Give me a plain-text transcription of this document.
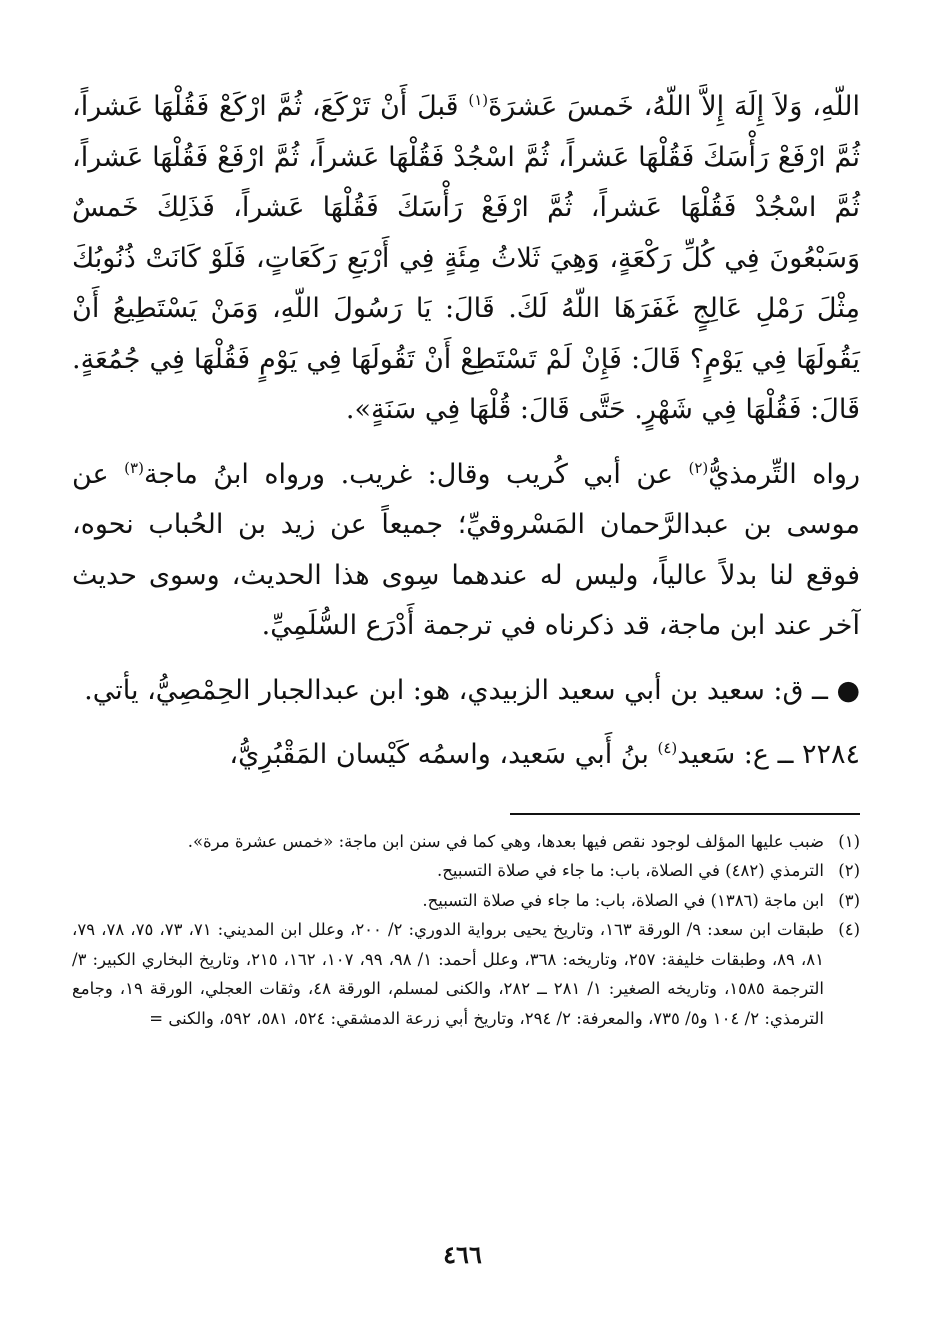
اللّهِ، وَلاَ إِلَهَ إِلاَّ اللّهُ، خَمسَ عَشرَةَ$^{(١)}$ قَبلَ أَنْ تَرْكَعَ، ثُمَّ ارْكَعْ فَقُلْهَا عَشراً، ثُمَّ ارْفَعْ رَأْسَكَ فَقُلْهَا عَشراً، ثُمَّ اسْجُدْ فَقُلْهَا عَشراً، ثُمَّ ارْفَعْ فَقُلْهَا عَشراً، ثُمَّ اسْجُدْ فَقُلْهَا عَشراً، ثُمَّ ارْفَعْ رَأْسَكَ فَقُلْهَا عَشراً، فَذَلِكَ خَمسٌ وَسَبْعُونَ فِي كُلِّ رَكْعَةٍ، وَهِيَ ثَلاثُ مِئَةٍ فِي أَرْبَعِ رَكَعَاتٍ، فَلَوْ كَانَتْ ذُنُوبُكَ مِثْلَ رَمْلِ عَالِجٍ غَفَرَهَا اللّهُ لَكَ. قَالَ: يَا رَسُولَ اللّهِ، وَمَنْ يَسْتَطِيعُ أَنْ يَقُولَهَا فِي يَوْمٍ؟ قَالَ: فَإِنْ لَمْ تَسْتَطِعْ أَنْ تَقُولَهَا فِي يَوْمٍ فَقُلْهَا فِي جُمُعَةٍ. قَالَ: فَقُلْهَا فِي شَهْرٍ. حَتَّى قَالَ: قُلْهَا فِي سَنَةٍ».

رواه التِّرمذيُّ$^{(٢)}$ عن أبي كُريب وقال: غريب. ورواه ابنُ ماجة$^{(٣)}$ عن موسى بن عبدالرَّحمان المَسْروقيِّ؛ جميعاً عن زيد بن الحُباب نحوه، فوقع لنا بدلاً عالياً، وليس له عندهما سِوى هذا الحديث، وسوى حديث آخر عند ابن ماجة، قد ذكرناه في ترجمة أَدْرَع السُّلَمِيِّ.

● ــ ق: سعيد بن أبي سعيد الزبيدي، هو: ابن عبدالجبار الحِمْصِيُّ، يأتي.

٢٢٨٤ ــ ع: سَعيد$^{(٤)}$ بنُ أَبي سَعيد، واسمُه كَيْسان المَقْبُرِيُّ،

(١)
ضبب عليها المؤلف لوجود نقص فيها بعدها، وهي كما في سنن ابن ماجة: «خمس عشرة مرة».
(٢)
الترمذي (٤٨٢) في الصلاة، باب: ما جاء في صلاة التسبيح.
(٣)
ابن ماجة (١٣٨٦) في الصلاة، باب: ما جاء في صلاة التسبيح.
(٤)
طبقات ابن سعد: ٩/ الورقة ١٦٣، وتاريخ يحيى برواية الدوري: ٢/ ٢٠٠، وعلل ابن المديني: ٧١، ٧٣، ٧٥، ٧٨، ٧٩، ٨١، ٨٩، وطبقات خليفة: ٢٥٧، وتاريخه: ٣٦٨، وعلل أحمد: ١/ ٩٨، ٩٩، ١٠٧، ١٦٢، ٢١٥، وتاريخ البخاري الكبير: ٣/ الترجمة ١٥٨٥، وتاريخه الصغير: ١/ ٢٨١ ــ ٢٨٢، والكنى لمسلم، الورقة ٤٨، وثقات العجلي، الورقة ١٩، وجامع الترمذي: ٢/ ١٠٤ و٥/ ٧٣٥، والمعرفة: ٢/ ٢٩٤، وتاريخ أبي زرعة الدمشقي: ٥٢٤، ٥٨١، ٥٩٢، والكنى =
٤٦٦
